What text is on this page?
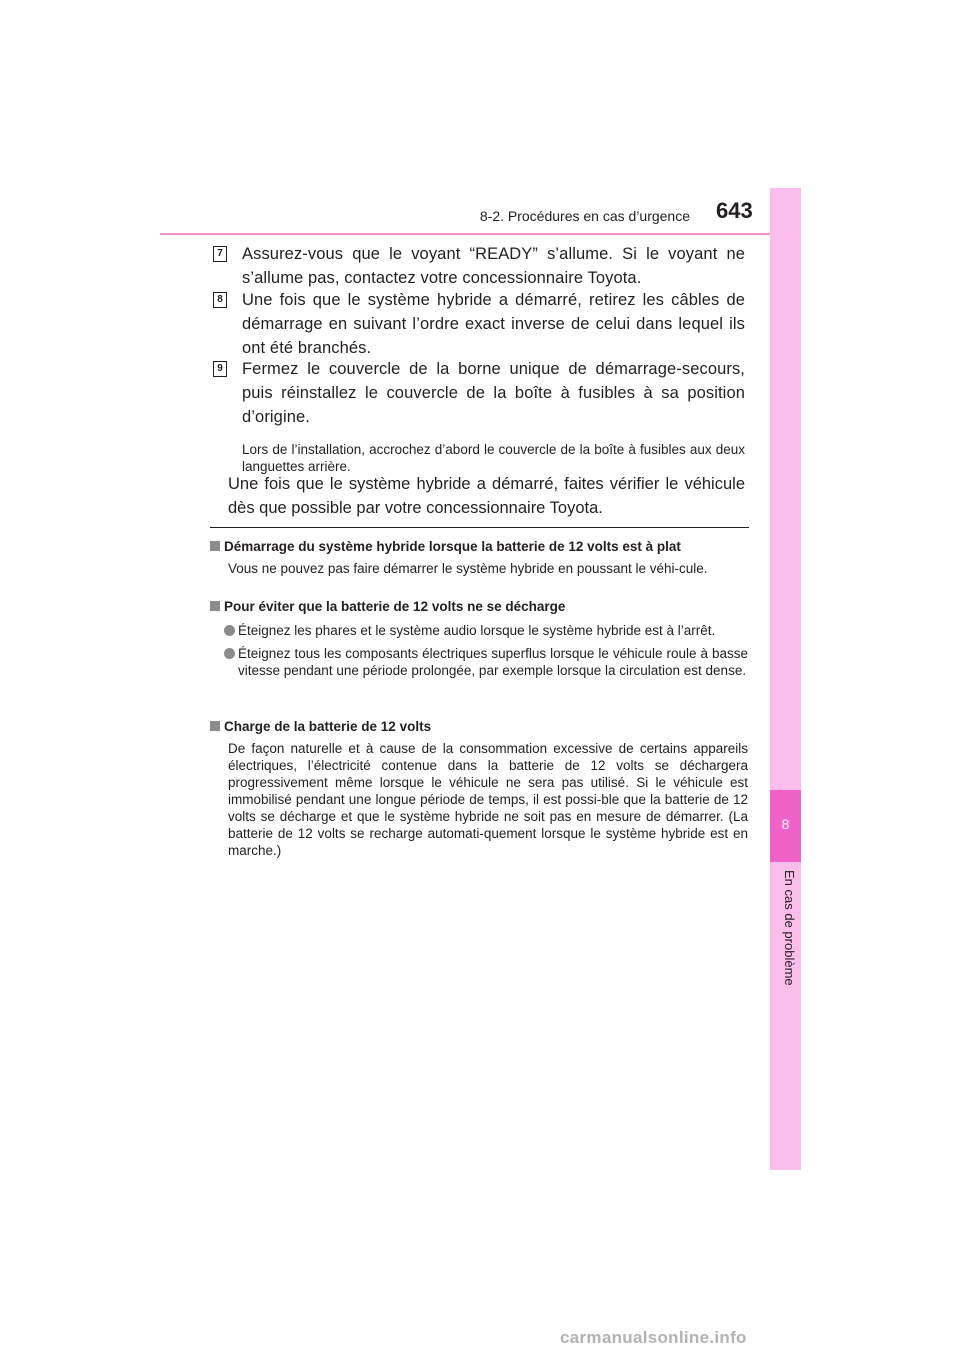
8-2. Procédures en cas d’urgence 643
8
En cas de problème
7 Assurez-vous que le voyant “READY” s’allume. Si le voyant ne s’allume pas, contactez votre concessionnaire Toyota.
8 Une fois que le système hybride a démarré, retirez les câbles de démarrage en suivant l’ordre exact inverse de celui dans lequel ils ont été branchés.
9 Fermez le couvercle de la borne unique de démarrage-secours, puis réinstallez le couvercle de la boîte à fusibles à sa position d’origine.
Lors de l’installation, accrochez d’abord le couvercle de la boîte à fusibles aux deux languettes arrière.
Une fois que le système hybride a démarré, faites vérifier le véhicule dès que possible par votre concessionnaire Toyota.
Démarrage du système hybride lorsque la batterie de 12 volts est à plat
Vous ne pouvez pas faire démarrer le système hybride en poussant le véhi-cule.
Pour éviter que la batterie de 12 volts ne se décharge
Éteignez les phares et le système audio lorsque le système hybride est à l’arrêt.
Éteignez tous les composants électriques superflus lorsque le véhicule roule à basse vitesse pendant une période prolongée, par exemple lorsque la circulation est dense.
Charge de la batterie de 12 volts
De façon naturelle et à cause de la consommation excessive de certains appareils électriques, l’électricité contenue dans la batterie de 12 volts se déchargera progressivement même lorsque le véhicule ne sera pas utilisé. Si le véhicule est immobilisé pendant une longue période de temps, il est possi-ble que la batterie de 12 volts se décharge et que le système hybride ne soit pas en mesure de démarrer. (La batterie de 12 volts se recharge automati-quement lorsque le système hybride est en marche.)
carmanualsonline.info
